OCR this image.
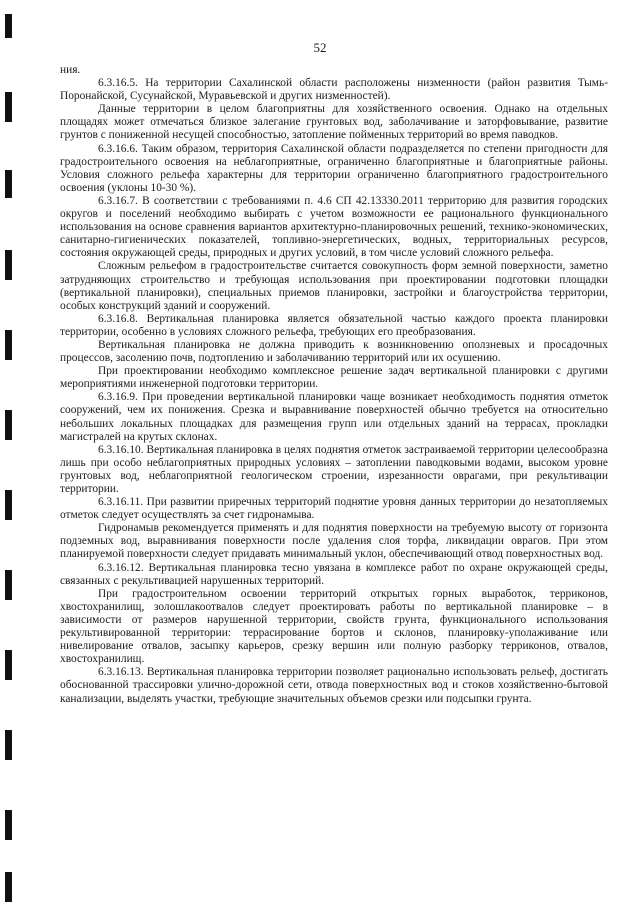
52

ния.

6.3.16.5. На территории Сахалинской области расположены низменности (район развития Тымь-Поронайской, Сусунайской, Муравьевской и других низменностей).

Данные территории в целом благоприятны для хозяйственного освоения. Однако на отдельных площадях может отмечаться близкое залегание грунтовых вод, заболачивание и заторфовывание, развитие грунтов с пониженной несущей способностью, затопление пойменных территорий во время паводков.

6.3.16.6. Таким образом, территория Сахалинской области подразделяется по степени пригодности для градостроительного освоения на неблагоприятные, ограниченно благоприятные и благоприятные районы. Условия сложного рельефа характерны для территории ограниченно благоприятного градостроительного освоения (уклоны 10-30 %).

6.3.16.7. В соответствии с требованиями п. 4.6 СП 42.13330.2011 территорию для развития городских округов и поселений необходимо выбирать с учетом возможности ее рационального функционального использования на основе сравнения вариантов архитектурно-планировочных решений, технико-экономических, санитарно-гигиенических показателей, топливно-энергетических, водных, территориальных ресурсов, состояния окружающей среды, природных и других условий, в том числе условий сложного рельефа.

Сложным рельефом в градостроительстве считается совокупность форм земной поверхности, заметно затрудняющих строительство и требующая использования при проектировании подготовки площадки (вертикальной планировки), специальных приемов планировки, застройки и благоустройства территории, особых конструкций зданий и сооружений.

6.3.16.8. Вертикальная планировка является обязательной частью каждого проекта планировки территории, особенно в условиях сложного рельефа, требующих его преобразования.

Вертикальная планировка не должна приводить к возникновению оползневых и просадочных процессов, засолению почв, подтоплению и заболачиванию территорий или их осушению.

При проектировании необходимо комплексное решение задач вертикальной планировки с другими мероприятиями инженерной подготовки территории.

6.3.16.9. При проведении вертикальной планировки чаще возникает необходимость поднятия отметок сооружений, чем их понижения. Срезка и выравнивание поверхностей обычно требуется на относительно небольших локальных площадках для размещения групп или отдельных зданий на террасах, прокладки магистралей на крутых склонах.

6.3.16.10. Вертикальная планировка в целях поднятия отметок застраиваемой территории целесообразна лишь при особо неблагоприятных природных условиях – затоплении паводковыми водами, высоком уровне грунтовых вод, неблагоприятной геологическом строении, изрезанности оврагами, при рекультивации территории.

6.3.16.11. При развитии приречных территорий поднятие уровня данных территории до незатопляемых отметок следует осуществлять за счет гидронамыва.

Гидронамыв рекомендуется применять и для поднятия поверхности на требуемую высоту от горизонта подземных вод, выравнивания поверхности после удаления слоя торфа, ликвидации оврагов. При этом планируемой поверхности следует придавать минимальный уклон, обеспечивающий отвод поверхностных вод.

6.3.16.12. Вертикальная планировка тесно увязана в комплексе работ по охране окружающей среды, связанных с рекультивацией нарушенных территорий.

При градостроительном освоении территорий открытых горных выработок, терриконов, хвостохранилищ, золошлакоотвалов следует проектировать работы по вертикальной планировке – в зависимости от размеров нарушенной территории, свойств грунта, функционального использования рекультивированной территории: террасирование бортов и склонов, планировку-уполаживание или нивелирование отвалов, засыпку карьеров, срезку вершин или полную разборку терриконов, отвалов, хвостохранилищ.

6.3.16.13. Вертикальная планировка территории позволяет рационально использовать рельеф, достигать обоснованной трассировки улично-дорожной сети, отвода поверхностных вод и стоков хозяйственно-бытовой канализации, выделять участки, требующие значительных объемов срезки или подсыпки грунта.
